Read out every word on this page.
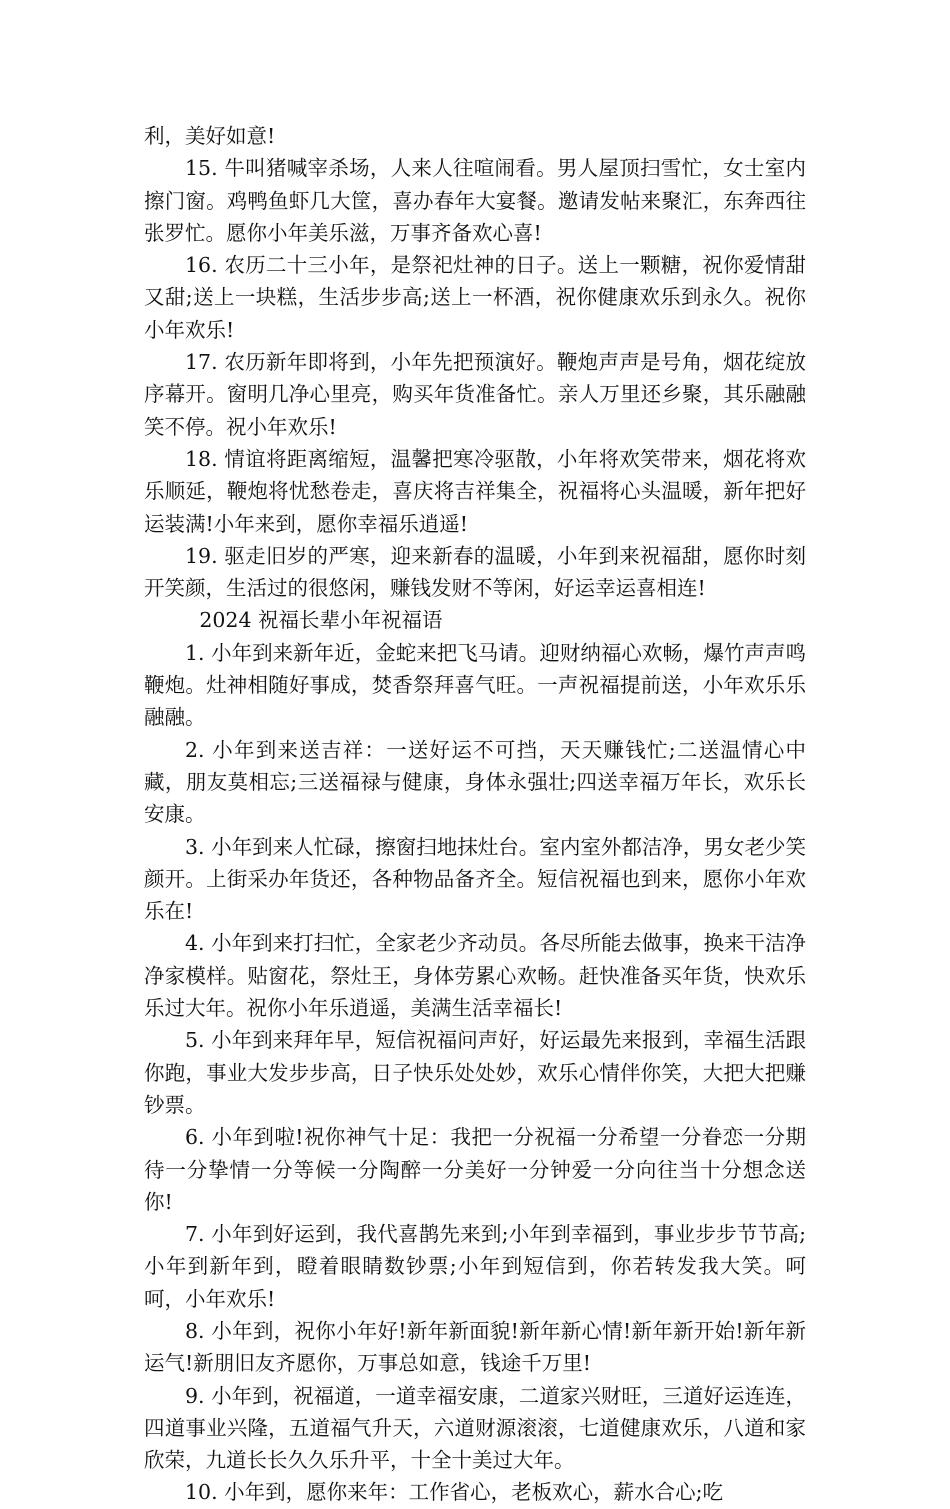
利，美好如意!

15. 牛叫猪喊宰杀场，人来人往喧闹看。男人屋顶扫雪忙，女士室内擦门窗。鸡鸭鱼虾几大筐，喜办春年大宴餐。邀请发帖来聚汇，东奔西往张罗忙。愿你小年美乐滋，万事齐备欢心喜!

16. 农历二十三小年，是祭祀灶神的日子。送上一颗糖，祝你爱情甜又甜;送上一块糕，生活步步高;送上一杯酒，祝你健康欢乐到永久。祝你小年欢乐!

17. 农历新年即将到，小年先把预演好。鞭炮声声是号角，烟花绽放序幕开。窗明几净心里亮，购买年货准备忙。亲人万里还乡聚，其乐融融笑不停。祝小年欢乐!

18. 情谊将距离缩短，温馨把寒冷驱散，小年将欢笑带来，烟花将欢乐顺延，鞭炮将忧愁卷走，喜庆将吉祥集全，祝福将心头温暖，新年把好运装满!小年来到，愿你幸福乐逍遥!

19. 驱走旧岁的严寒，迎来新春的温暖，小年到来祝福甜，愿你时刻开笑颜，生活过的很悠闲，赚钱发财不等闲，好运幸运喜相连!

2024 祝福长辈小年祝福语

1. 小年到来新年近，金蛇来把飞马请。迎财纳福心欢畅，爆竹声声鸣鞭炮。灶神相随好事成，焚香祭拜喜气旺。一声祝福提前送，小年欢乐乐融融。

2. 小年到来送吉祥：一送好运不可挡，天天赚钱忙;二送温情心中藏，朋友莫相忘;三送福禄与健康，身体永强壮;四送幸福万年长，欢乐长安康。

3. 小年到来人忙碌，擦窗扫地抹灶台。室内室外都洁净，男女老少笑颜开。上街采办年货还，各种物品备齐全。短信祝福也到来，愿你小年欢乐在!

4. 小年到来打扫忙，全家老少齐动员。各尽所能去做事，换来干洁净净家模样。贴窗花，祭灶王，身体劳累心欢畅。赶快准备买年货，快欢乐乐过大年。祝你小年乐逍遥，美满生活幸福长!

5. 小年到来拜年早，短信祝福问声好，好运最先来报到，幸福生活跟你跑，事业大发步步高，日子快乐处处妙，欢乐心情伴你笑，大把大把赚钞票。

6. 小年到啦!祝你神气十足：我把一分祝福一分希望一分眷恋一分期待一分挚情一分等候一分陶醉一分美好一分钟爱一分向往当十分想念送你!

7. 小年到好运到，我代喜鹊先来到;小年到幸福到，事业步步节节高;小年到新年到，瞪着眼睛数钞票;小年到短信到，你若转发我大笑。呵呵，小年欢乐!

8. 小年到，祝你小年好!新年新面貌!新年新心情!新年新开始!新年新运气!新朋旧友齐愿你，万事总如意，钱途千万里!

9. 小年到，祝福道，一道幸福安康，二道家兴财旺，三道好运连连，四道事业兴隆，五道福气升天，六道财源滚滚，七道健康欢乐，八道和家欣荣，九道长长久久乐升平，十全十美过大年。

10. 小年到，愿你来年：工作省心，老板欢心，薪水合心;吃
